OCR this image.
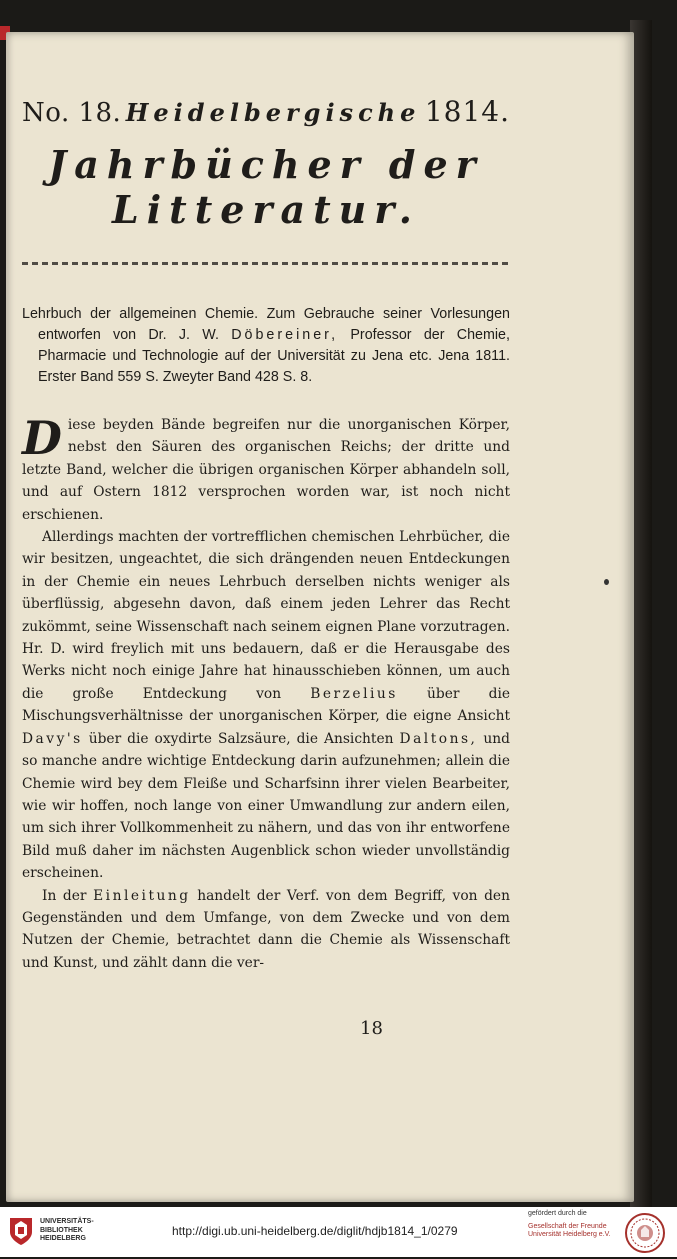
No. 18. Heidelbergische 1814.
Jahrbücher der Litteratur.

Lehrbuch der allgemeinen Chemie. Zum Gebrauche seiner Vorlesungen entworfen von Dr. J. W. Döbereiner, Professor der Chemie, Pharmacie und Technologie auf der Universität zu Jena etc. Jena 1811. Erster Band 559 S. Zweyter Band 428 S. 8.

Diese beyden Bände begreifen nur die unorganischen Körper, nebst den Säuren des organischen Reichs; der dritte und letzte Band, welcher die übrigen organischen Körper abhandeln soll, und auf Ostern 1812 versprochen worden war, ist noch nicht erschienen.

Allerdings machten der vortrefflichen chemischen Lehrbücher, die wir besitzen, ungeachtet, die sich drängenden neuen Entdeckungen in der Chemie ein neues Lehrbuch derselben nichts weniger als überflüssig, abgesehn davon, daß einem jeden Lehrer das Recht zukömmt, seine Wissenschaft nach seinem eignen Plane vorzutragen. Hr. D. wird freylich mit uns bedauern, daß er die Herausgabe des Werks nicht noch einige Jahre hat hinausschieben können, um auch die große Entdeckung von Berzelius über die Mischungsverhältnisse der unorganischen Körper, die eigne Ansicht Davy's über die oxydirte Salzsäure, die Ansichten Daltons, und so manche andre wichtige Entdeckung darin aufzunehmen; allein die Chemie wird bey dem Fleiße und Scharfsinn ihrer vielen Bearbeiter, wie wir hoffen, noch lange von einer Umwandlung zur andern eilen, um sich ihrer Vollkommenheit zu nähern, und das von ihr entworfene Bild muß daher im nächsten Augenblick schon wieder unvollständig erscheinen.

In der Einleitung handelt der Verf. von dem Begriff, von den Gegenständen und dem Umfange, von dem Zwecke und von dem Nutzen der Chemie, betrachtet dann die Chemie als Wissenschaft und Kunst, und zählt dann die ver-

18
UNIVERSITÄTS-
BIBLIOTHEK
HEIDELBERG
http://digi.ub.uni-heidelberg.de/diglit/hdjb1814_1/0279
gefördert durch die
Gesellschaft der Freunde
Universität Heidelberg e.V.
